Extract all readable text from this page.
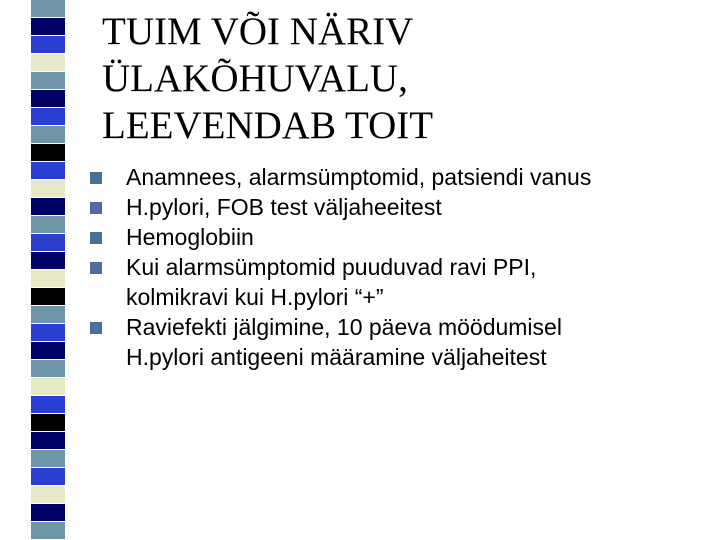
TUIM VÕI NÄRIV
ÜLAKÕHUVALU,
LEEVENDAB TOIT
Anamnees, alarmsümptomid, patsiendi vanus
H.pylori, FOB test väljaheeitest
Hemoglobiin
Kui alarmsümptomid puuduvad ravi PPI,
kolmikravi kui H.pylori “+”
Raviefekti jälgimine, 10 päeva möödumisel
H.pylori antigeeni määramine väljaheitest
